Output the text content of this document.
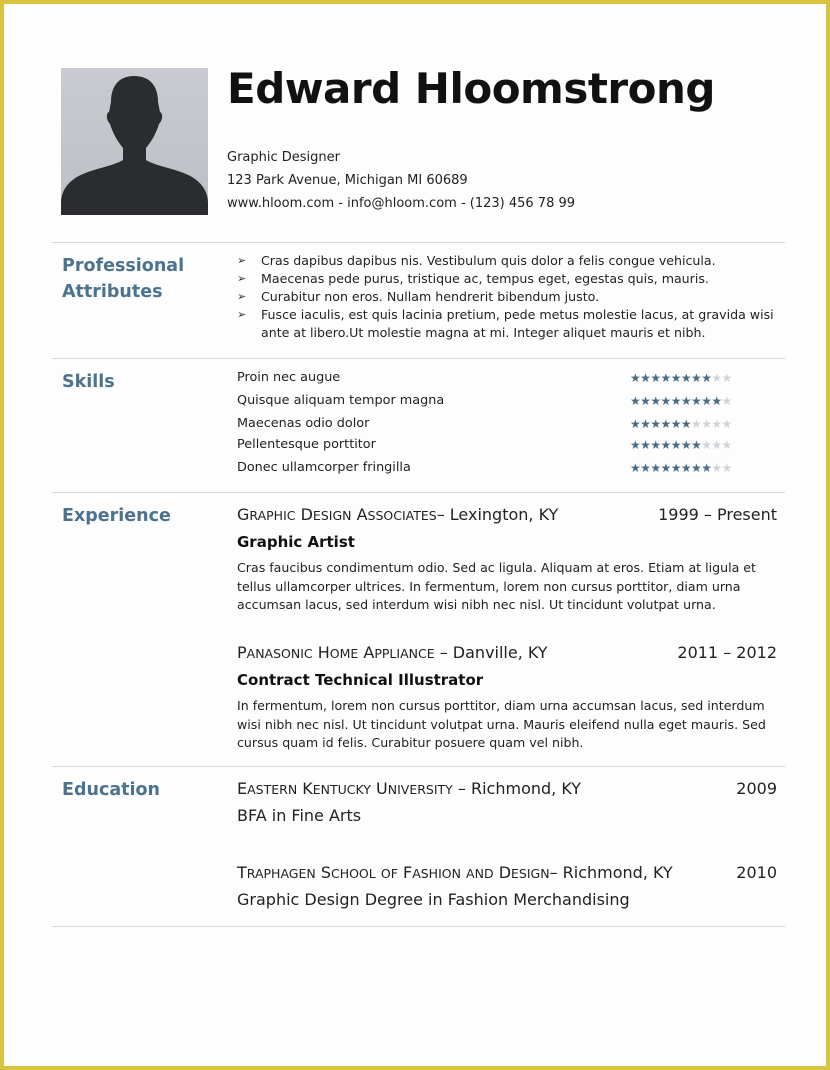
Edward Hloomstrong
Graphic Designer
123 Park Avenue, Michigan MI 60689
www.hloom.com - info@hloom.com - (123) 456 78 99
Professional Attributes
➢ Cras dapibus dapibus nis. Vestibulum quis dolor a felis congue vehicula.
➢ Maecenas pede purus, tristique ac, tempus eget, egestas quis, mauris.
➢ Curabitur non eros. Nullam hendrerit bibendum justo.
➢ Fusce iaculis, est quis lacinia pretium, pede metus molestie lacus, at gravida wisi ante at libero.Ut molestie magna at mi. Integer aliquet mauris et nibh.
Skills	Proin nec augue	★★★★★★★★★★
Quisque aliquam tempor magna	★★★★★★★★★★
Maecenas odio dolor	★★★★★★★★★★
Pellentesque porttitor	★★★★★★★★★★
Donec ullamcorper fringilla	★★★★★★★★★★
Experience	GRAPHIC DESIGN ASSOCIATES– Lexington, KY	1999 – Present
Graphic Artist

Cras faucibus condimentum odio. Sed ac ligula. Aliquam at eros. Etiam at ligula et tellus ullamcorper ultrices. In fermentum, lorem non cursus porttitor, diam urna accumsan lacus, sed interdum wisi nibh nec nisl. Ut tincidunt volutpat urna.

PANASONIC HOME APPLIANCE – Danville, KY	2011 – 2012
Contract Technical Illustrator

In fermentum, lorem non cursus porttitor, diam urna accumsan lacus, sed interdum wisi nibh nec nisl. Ut tincidunt volutpat urna. Mauris eleifend nulla eget mauris. Sed cursus quam id felis. Curabitur posuere quam vel nibh.

Education	EASTERN KENTUCKY UNIVERSITY – Richmond, KY	2009
BFA in Fine Arts
TRAPHAGEN SCHOOL OF FASHION AND DESIGN– Richmond, KY	2010
Graphic Design Degree in Fashion Merchandising
